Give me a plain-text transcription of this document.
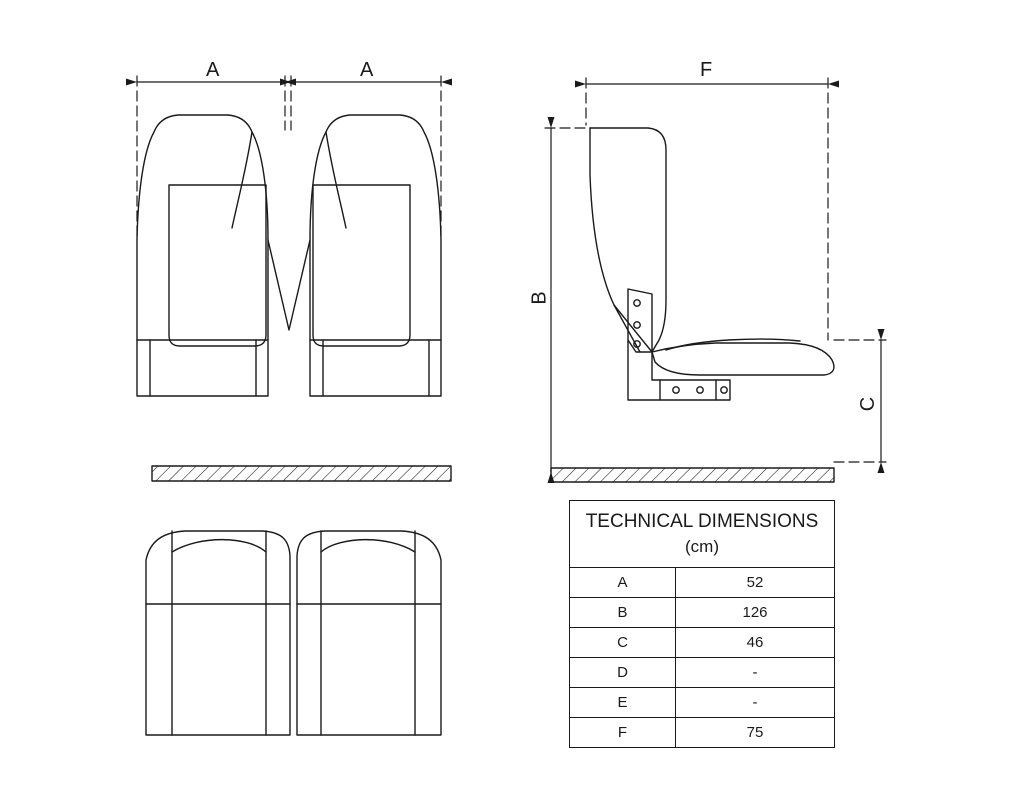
A	A
B
C
F
TECHNICAL DIMENSIONS
(cm)	

A	52
B	126
C	46
D	-
E	-
F	75
